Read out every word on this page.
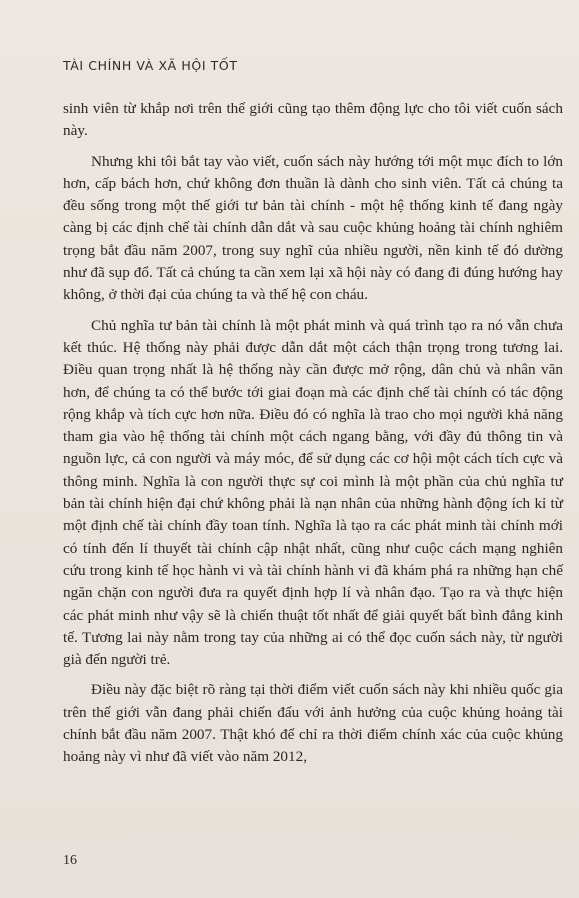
TÀI CHÍNH VÀ XÃ HỘI TỐT

sinh viên từ khắp nơi trên thế giới cũng tạo thêm động lực cho tôi viết cuốn sách này.

Nhưng khi tôi bắt tay vào viết, cuốn sách này hướng tới một mục đích to lớn hơn, cấp bách hơn, chứ không đơn thuần là dành cho sinh viên. Tất cả chúng ta đều sống trong một thế giới tư bản tài chính - một hệ thống kinh tế đang ngày càng bị các định chế tài chính dẫn dắt và sau cuộc khủng hoảng tài chính nghiêm trọng bắt đầu năm 2007, trong suy nghĩ của nhiều người, nền kinh tế đó dường như đã sụp đổ. Tất cả chúng ta cần xem lại xã hội này có đang đi đúng hướng hay không, ở thời đại của chúng ta và thế hệ con cháu.

Chủ nghĩa tư bản tài chính là một phát minh và quá trình tạo ra nó vẫn chưa kết thúc. Hệ thống này phải được dẫn dắt một cách thận trọng trong tương lai. Điều quan trọng nhất là hệ thống này cần được mở rộng, dân chủ và nhân văn hơn, để chúng ta có thể bước tới giai đoạn mà các định chế tài chính có tác động rộng khắp và tích cực hơn nữa. Điều đó có nghĩa là trao cho mọi người khả năng tham gia vào hệ thống tài chính một cách ngang bằng, với đầy đủ thông tin và nguồn lực, cả con người và máy móc, để sử dụng các cơ hội một cách tích cực và thông minh. Nghĩa là con người thực sự coi mình là một phần của chủ nghĩa tư bản tài chính hiện đại chứ không phải là nạn nhân của những hành động ích kỉ từ một định chế tài chính đầy toan tính. Nghĩa là tạo ra các phát minh tài chính mới có tính đến lí thuyết tài chính cập nhật nhất, cũng như cuộc cách mạng nghiên cứu trong kinh tế học hành vi và tài chính hành vi đã khám phá ra những hạn chế ngăn chặn con người đưa ra quyết định hợp lí và nhân đạo. Tạo ra và thực hiện các phát minh như vậy sẽ là chiến thuật tốt nhất để giải quyết bất bình đẳng kinh tế. Tương lai này nằm trong tay của những ai có thể đọc cuốn sách này, từ người già đến người trẻ.

Điều này đặc biệt rõ ràng tại thời điểm viết cuốn sách này khi nhiều quốc gia trên thế giới vẫn đang phải chiến đấu với ảnh hưởng của cuộc khủng hoảng tài chính bắt đầu năm 2007. Thật khó để chỉ ra thời điểm chính xác của cuộc khủng hoảng này vì như đã viết vào năm 2012,

16
